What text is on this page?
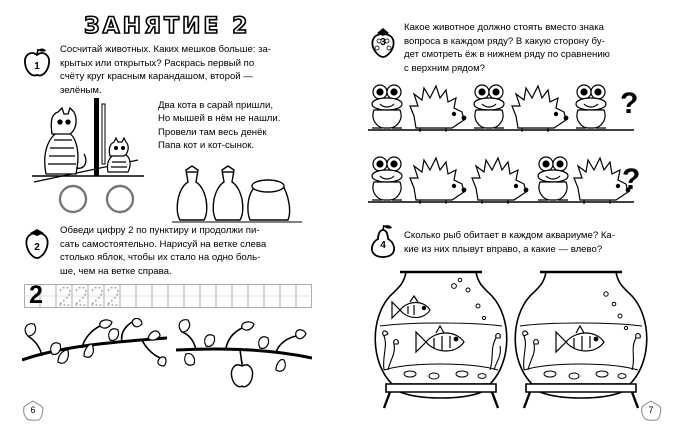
ЗАНЯТИЕ 2
1
Сосчитай животных. Каких мешков больше: за-
крытых или открытых? Раскрась первый по
счёту круг красным карандашом, второй —
зелёным.
Два кота в сарай пришли,
Но мышей в нём не нашли.
Провели там весь денёк
Папа кот и кот-сынок.
2
Обведи цифру 2 по пунктиру и продолжи пи-
сать самостоятельно. Нарисуй на ветке слева
столько яблок, чтобы их стало на одно боль-
ше, чем на ветке справа.
2
6
3
Какое животное должно стоять вместо знака
вопроса в каждом ряду? В какую сторону бу-
дет смотреть ёж в нижнем ряду по сравнению
с верхним рядом?
?
?
4
Сколько рыб обитает в каждом аквариуме? Ка-
кие из них плывут вправо, а какие — влево?
7
